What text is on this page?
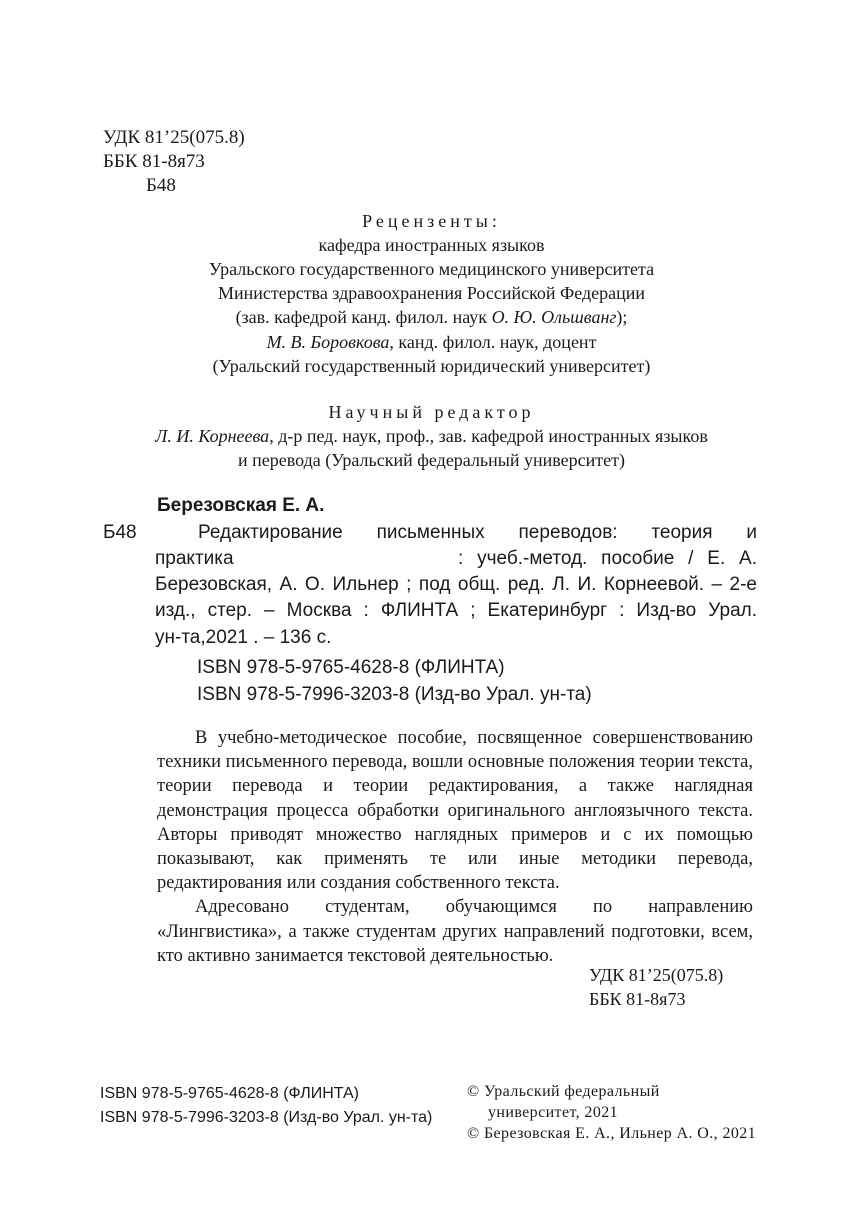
УДК 81’25(075.8)
ББК 81-8я73
Б48
Рецензенты:
кафедра иностранных языков
Уральского государственного медицинского университета
Министерства здравоохранения Российской Федерации
(зав. кафедрой канд. филол. наук О. Ю. Ольшванг);
М. В. Боровкова, канд. филол. наук, доцент
(Уральский государственный юридический университет)
Научный редактор
Л. И. Корнеева, д-р пед. наук, проф., зав. кафедрой иностранных языков
и перевода (Уральский федеральный университет)
Березовская Е. А.
Б48	Редактирование письменных переводов: теория и
практика	: учеб.-метод. пособие / Е. А.
Березовская, А. О. Ильнер ; под общ. ред. Л. И. Корнеевой. – 2-е
изд., стер. – Москва : ФЛИНТА ; Екатеринбург : Изд-во Урал.
ун-та,2021 . – 136 с.
ISBN 978-5-9765-4628-8 (ФЛИНТА)
ISBN 978-5-7996-3203-8 (Изд-во Урал. ун-та)

В учебно-методическое пособие, посвященное совершенствованию техники письменного перевода, вошли основные положения теории текста, теории перевода и теории редактирования, а также наглядная демонстрация процесса обработки оригинального англоязычного текста. Авторы приводят множество наглядных примеров и с их помощью показывают, как применять те или иные методики перевода, редактирования или создания собственного текста.

Адресовано студентам, обучающимся по направлению «Лингвистика», а также студентам других направлений подготовки, всем, кто активно занимается текстовой деятельностью.

УДК 81’25(075.8)
ББК 81-8я73
ISBN 978-5-9765-4628-8 (ФЛИНТА)
ISBN 978-5-7996-3203-8 (Изд-во Урал. ун-та)
© Уральский федеральный
университет, 2021
© Березовская Е. А., Ильнер А. О., 2021
